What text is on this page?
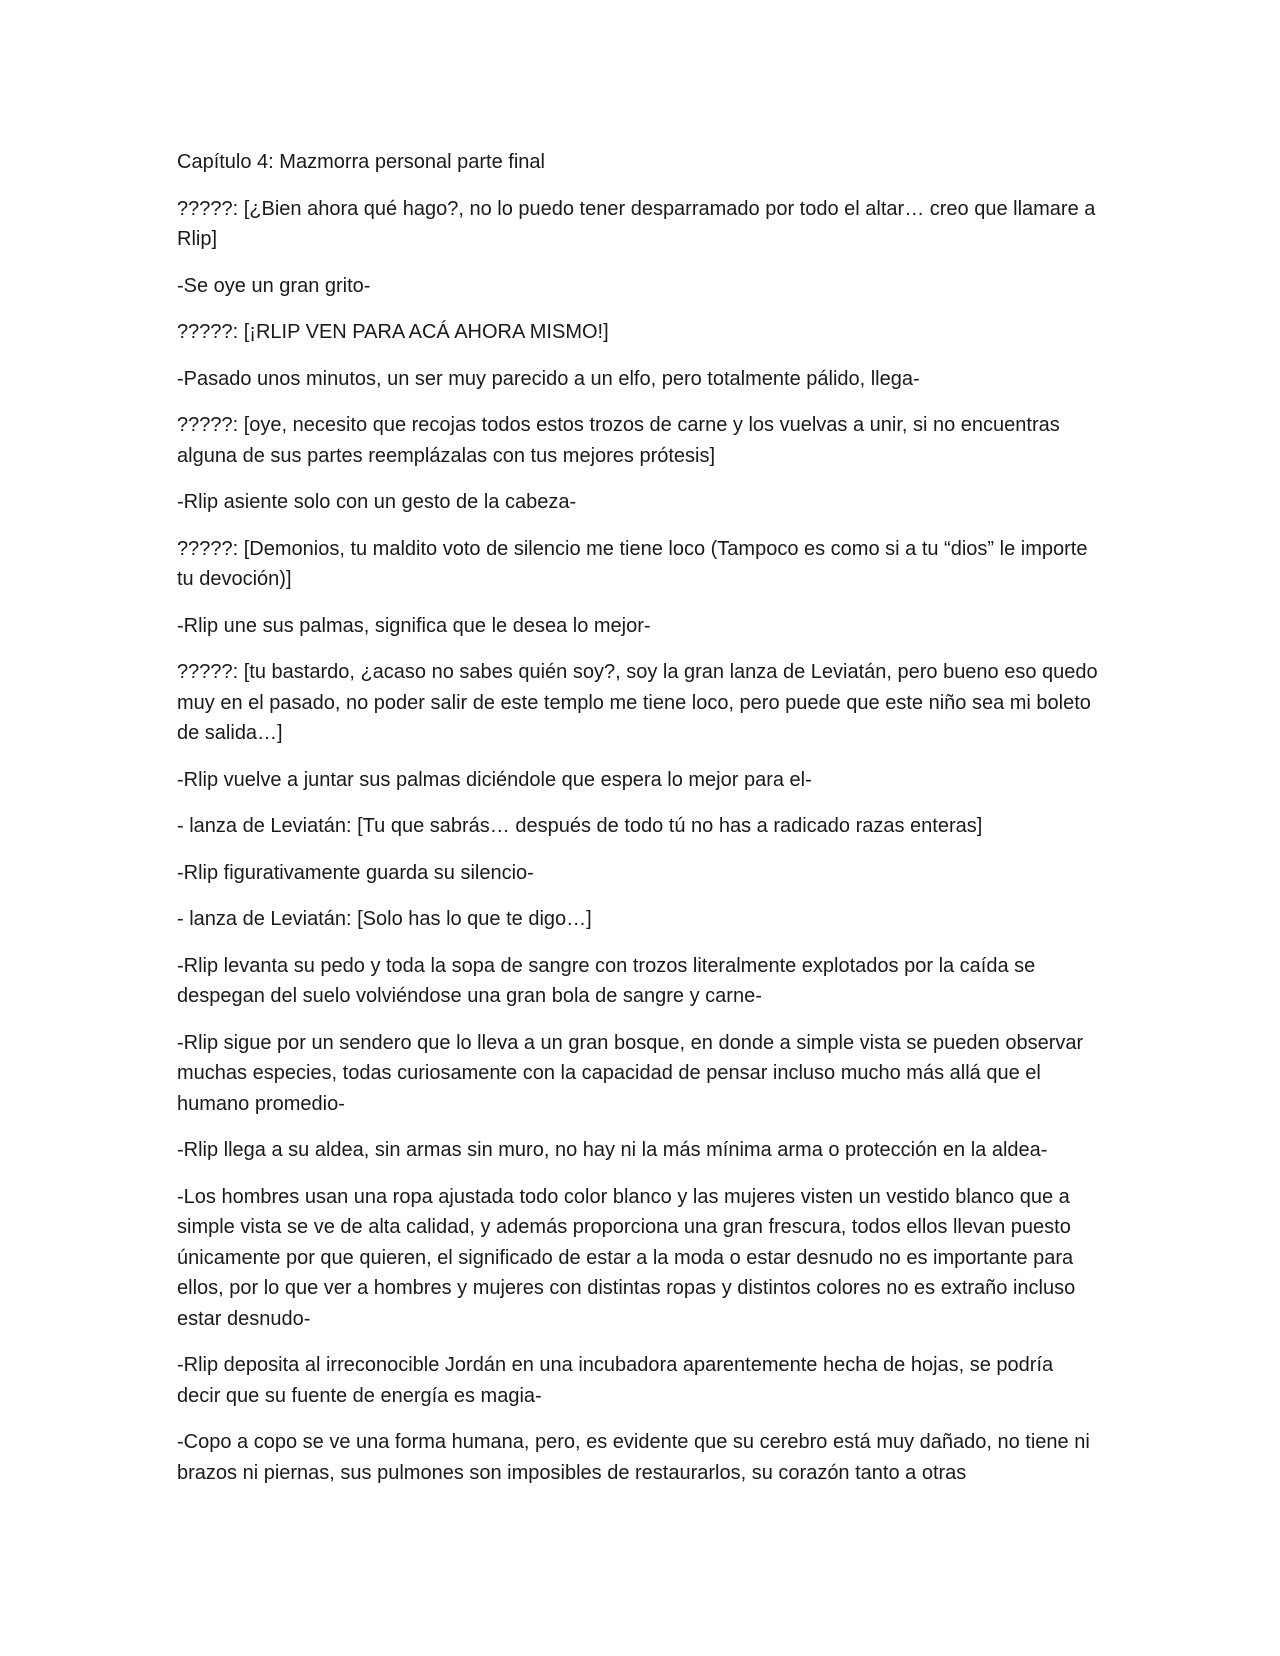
Capítulo 4: Mazmorra personal parte final

?????: [¿Bien ahora qué hago?, no lo puedo tener desparramado por todo el altar… creo que llamare a Rlip]

-Se oye un gran grito-

?????: [¡RLIP VEN PARA ACÁ AHORA MISMO!]

-Pasado unos minutos, un ser muy parecido a un elfo, pero totalmente pálido, llega-

?????: [oye, necesito que recojas todos estos trozos de carne y los vuelvas a unir, si no encuentras alguna de sus partes reemplázalas con tus mejores prótesis]

-Rlip asiente solo con un gesto de la cabeza-

?????: [Demonios, tu maldito voto de silencio me tiene loco (Tampoco es como si a tu “dios” le importe tu devoción)]

-Rlip une sus palmas, significa que le desea lo mejor-

?????: [tu bastardo, ¿acaso no sabes quién soy?, soy la gran lanza de Leviatán, pero bueno eso quedo muy en el pasado, no poder salir de este templo me tiene loco, pero puede que este niño sea mi boleto de salida…]

-Rlip vuelve a juntar sus palmas diciéndole que espera lo mejor para el-

- lanza de Leviatán: [Tu que sabrás… después de todo tú no has a radicado razas enteras]

-Rlip figurativamente guarda su silencio-

- lanza de Leviatán: [Solo has lo que te digo…]

-Rlip levanta su pedo y toda la sopa de sangre con trozos literalmente explotados por la caída se despegan del suelo volviéndose una gran bola de sangre y carne-

-Rlip sigue por un sendero que lo lleva a un gran bosque, en donde a simple vista se pueden observar muchas especies, todas curiosamente con la capacidad de pensar incluso mucho más allá que el humano promedio-

-Rlip llega a su aldea, sin armas sin muro, no hay ni la más mínima arma o protección en la aldea-

-Los hombres usan una ropa ajustada todo color blanco y las mujeres visten un vestido blanco que a simple vista se ve de alta calidad, y además proporciona una gran frescura, todos ellos llevan puesto únicamente por que quieren, el significado de estar a la moda o estar desnudo no es importante para ellos, por lo que ver a hombres y mujeres con distintas ropas y distintos colores no es extraño incluso estar desnudo-

-Rlip deposita al irreconocible Jordán en una incubadora aparentemente hecha de hojas, se podría decir que su fuente de energía es magia-

-Copo a copo se ve una forma humana, pero, es evidente que su cerebro está muy dañado, no tiene ni brazos ni piernas, sus pulmones son imposibles de restaurarlos, su corazón tanto a otras
